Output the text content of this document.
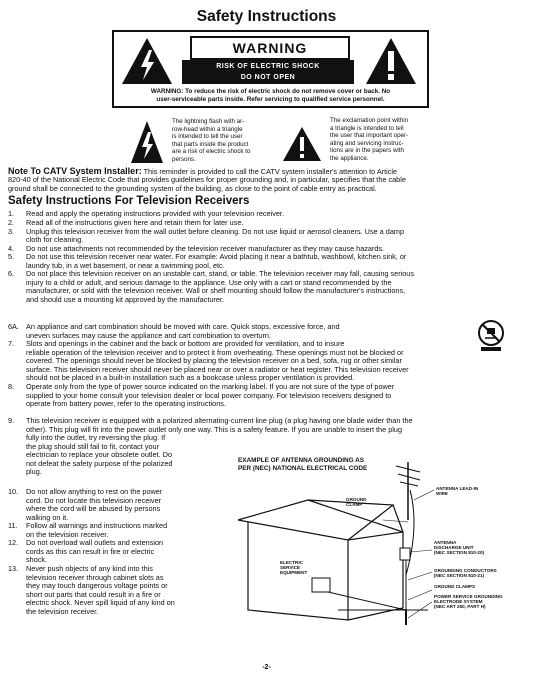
Safety Instructions
WARNING
RISK OF ELECTRIC SHOCK
DO NOT OPEN
WARNING: To reduce the risk of electric shock do not remove cover or back. No
user-serviceable parts inside. Refer servicing to qualified service personnel.
The lightning flash with ar-
row-head within a triangle
is intended to tell the user
that parts inside the product
are a risk of electric shock to
persons.
The exclamation point within
a triangle is intended to tell
the user that important oper-
ating and servicing instruc-
tions are in the papers with
the appliance.
Note To CATV System Installer: This reminder is provided to call the CATV system installer's attention to Article
820-40 of the National Electric Code that provides guidelines for proper grounding and, in particular, specifies that the cable
ground shall be connected to the grounding system of the building, as close to the point of cable entry as practical.
Safety Instructions For Television Receivers
1.	Read and apply the operating instructions provided with your television receiver.
2.	Read all of the instructions given here and retain them for later use.
3.	Unplug this television receiver from the wall outlet before cleaning. Do not use liquid or aerosol cleaners. Use a damp
cloth for cleaning.
4.	Do not use attachments not recommended by the television receiver manufacturer as they may cause hazards.
5.	Do not use this television receiver near water. For example: Avoid placing it near a bathtub, washbowl, kitchen sink, or
laundry tub, in a wet basement, or near a swimming pool, etc.
6.	Do not place this television receiver on an unstable cart, stand, or table. The television receiver may fall, causing serious
injury to a child or adult, and serious damage to the appliance. Use only with a cart or stand recommended by the
manufacturer, or sold with the television receiver. Wall or shelf mounting should follow the manufacturer's instructions,
and should use a mounting kit approved by the manufacturer.
6A. An appliance and cart combination should be moved with care. Quick stops, excessive force, and
uneven surfaces may cause the appliance and cart combination to overturn.
7.	Slots and openings in the cabinet and the back or bottom are provided for ventilation, and to insure
reliable operation of the television receiver and to protect it from overheating. These openings must not be blocked or
covered. The openings should never be blocked by placing the television receiver on a bed, sofa, rug or other similar
surface. This television receiver should never be placed near or over a radiator or heat register. This television receiver
should not be placed in a built-in installation such as a bookcase unless proper ventilation is provided.
8.	Operate only from the type of power source indicated on the marking label. If you are not sure of the type of power
supplied to your home consult your television dealer or local power company. For television receivers designed to
operate from battery power, refer to the operating instructions.
9.	This television receiver is equipped with a polarized alternating-current line plug (a plug having one blade wider than the
other). This plug will fit into the power outlet only one way. This is a safety feature. If you are unable to insert the plug
fully into the outlet, try reversing the plug. If
the plug should still fail to fit, contact your
electrician to replace your obsolete outlet. Do
not defeat the safety purpose of the polarized
plug.
10.	Do not allow anything to rest on the power
cord. Do not locate this television receiver
where the cord will be abused by persons
walking on it.
11.	Follow all warnings and instructions marked
on the television receiver.
12.	Do not overload wall outlets and extension
cords as this can result in fire or electric
shock.
13.	Never push objects of any kind into this
television receiver through cabinet slots as
they may touch dangerous voltage points or
short out parts that could result in a fire or
electric shock. Never spill liquid of any kind on
the television receiver.
EXAMPLE OF ANTENNA GROUNDING AS
PER (NEC) NATIONAL ELECTRICAL CODE
ANTENNA LEAD-IN
WIRE
GROUND
CLAMP
ANTENNA
DISCHARGE UNIT
(NEC SECTION 810-20)
ELECTRIC
SERVICE
EQUIPMENT	GROUNDING CONDUCTORS
(NEC SECTION 810-21)
GROUND CLAMPS
POWER SERVICE GROUNDING
ELECTRODE SYSTEM
(NEC ART 250, PART H)
-2-
